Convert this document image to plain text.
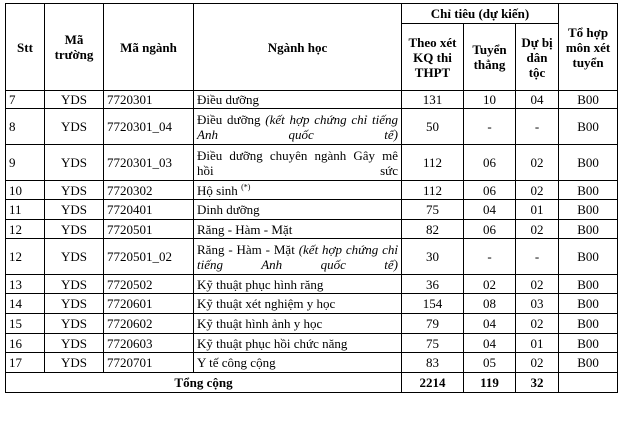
Stt	Mã trường	Mã ngành	Ngành học	Chỉ tiêu (dự kiến)			Tổ hợp môn xét tuyển
				Theo xét KQ thi THPT	Tuyển thẳng	Dự bị dân tộc	
7	YDS	7720301	Điều dưỡng	131	10	04	B00
8	YDS	7720301_04	Điều dưỡng (kết hợp chứng chỉ tiếng Anh quốc tế)	50	-	-	B00
9	YDS	7720301_03	Điều dưỡng chuyên ngành Gây mê hồi sức	112	06	02	B00
10	YDS	7720302	Hộ sinh (*)	112	06	02	B00
11	YDS	7720401	Dinh dưỡng	75	04	01	B00
12	YDS	7720501	Răng - Hàm - Mặt	82	06	02	B00
12	YDS	7720501_02	Răng - Hàm - Mặt (kết hợp chứng chỉ tiếng Anh quốc tế)	30	-	-	B00
13	YDS	7720502	Kỹ thuật phục hình răng	36	02	02	B00
14	YDS	7720601	Kỹ thuật xét nghiệm y học	154	08	03	B00
15	YDS	7720602	Kỹ thuật hình ảnh y học	79	04	02	B00
16	YDS	7720603	Kỹ thuật phục hồi chức năng	75	04	01	B00
17	YDS	7720701	Y tế công cộng	83	05	02	B00
Tổng cộng				2214	119	32	
